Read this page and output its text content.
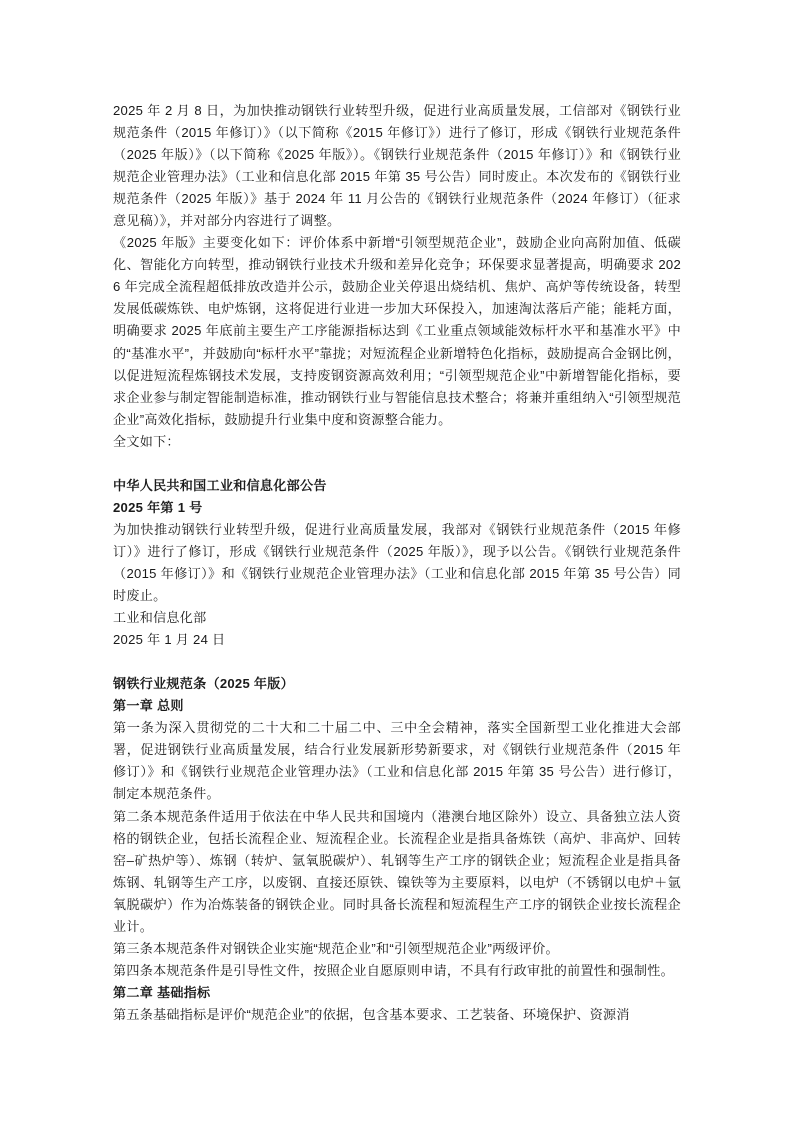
2025 年 2 月 8 日，为加快推动钢铁行业转型升级，促进行业高质量发展，工信部对《钢铁行业规范条件（2015 年修订）》（以下简称《2015 年修订》）进行了修订，形成《钢铁行业规范条件（2025 年版）》（以下简称《2025 年版》）。《钢铁行业规范条件（2015 年修订）》和《钢铁行业规范企业管理办法》（工业和信息化部 2015 年第 35 号公告）同时废止。本次发布的《钢铁行业规范条件（2025 年版）》基于 2024 年 11 月公告的《钢铁行业规范条件（2024 年修订）（征求意见稿）》，并对部分内容进行了调整。

《2025 年版》主要变化如下：评价体系中新增“引领型规范企业”，鼓励企业向高附加值、低碳化、智能化方向转型，推动钢铁行业技术升级和差异化竞争；环保要求显著提高，明确要求 2026 年完成全流程超低排放改造并公示，鼓励企业关停退出烧结机、焦炉、高炉等传统设备，转型发展低碳炼铁、电炉炼钢，这将促进行业进一步加大环保投入，加速淘汰落后产能；能耗方面，明确要求 2025 年底前主要生产工序能源指标达到《工业重点领域能效标杆水平和基准水平》中的“基准水平”，并鼓励向“标杆水平”靠拢；对短流程企业新增特色化指标，鼓励提高合金钢比例，以促进短流程炼钢技术发展，支持废钢资源高效利用；“引领型规范企业”中新增智能化指标，要求企业参与制定智能制造标准，推动钢铁行业与智能信息技术整合；将兼并重组纳入“引领型规范企业”高效化指标，鼓励提升行业集中度和资源整合能力。

全文如下：

中华人民共和国工业和信息化部公告

2025 年第 1 号

为加快推动钢铁行业转型升级，促进行业高质量发展，我部对《钢铁行业规范条件（2015 年修订）》进行了修订，形成《钢铁行业规范条件（2025 年版）》，现予以公告。《钢铁行业规范条件（2015 年修订）》和《钢铁行业规范企业管理办法》（工业和信息化部 2015 年第 35 号公告）同时废止。

工业和信息化部

2025 年 1 月 24 日

钢铁行业规范条（2025 年版）

第一章 总则

第一条为深入贯彻党的二十大和二十届二中、三中全会精神，落实全国新型工业化推进大会部署，促进钢铁行业高质量发展，结合行业发展新形势新要求，对《钢铁行业规范条件（2015 年修订）》和《钢铁行业规范企业管理办法》（工业和信息化部 2015 年第 35 号公告）进行修订，制定本规范条件。

第二条本规范条件适用于依法在中华人民共和国境内（港澳台地区除外）设立、具备独立法人资格的钢铁企业，包括长流程企业、短流程企业。长流程企业是指具备炼铁（高炉、非高炉、回转窑–矿热炉等）、炼钢（转炉、氩氧脱碳炉）、轧钢等生产工序的钢铁企业；短流程企业是指具备炼钢、轧钢等生产工序，以废钢、直接还原铁、镍铁等为主要原料，以电炉（不锈钢以电炉＋氩氧脱碳炉）作为冶炼装备的钢铁企业。同时具备长流程和短流程生产工序的钢铁企业按长流程企业计。

第三条本规范条件对钢铁企业实施“规范企业”和“引领型规范企业”两级评价。

第四条本规范条件是引导性文件，按照企业自愿原则申请，不具有行政审批的前置性和强制性。

第二章 基础指标

第五条基础指标是评价“规范企业”的依据，包含基本要求、工艺装备、环境保护、资源消
